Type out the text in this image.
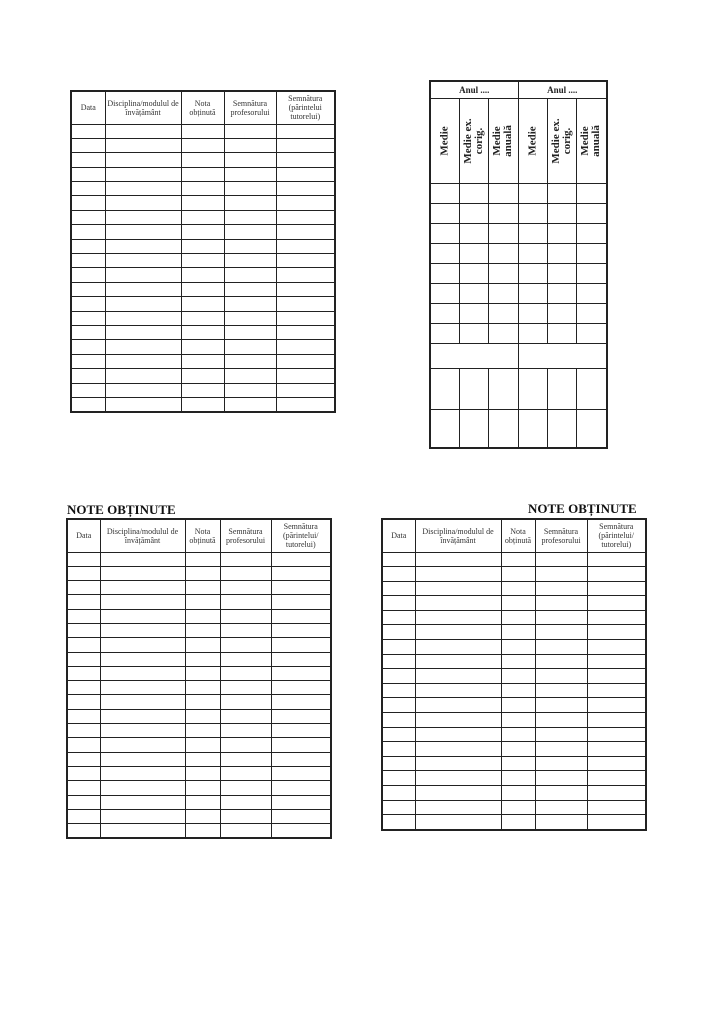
Data	Disciplina/modulul de învățământ	Nota obținută	Semnătura profesorului	Semnătura (părintelui tutorelui)

Anul ....			Anul ....		

Medie	Medie ex. corig.	Medie anuală	Medie	Medie ex. corig.	Medie anuală

NOTE OBȚINUTE
Data	Disciplina/modulul de învățământ	Nota obținută	Semnătura profesorului	Semnătura (părintelui/ tutorelui)

NOTE OBȚINUTE
Data	Disciplina/modulul de învățământ	Nota obținută	Semnătura profesorului	Semnătura (părintelui/ tutorelui)
